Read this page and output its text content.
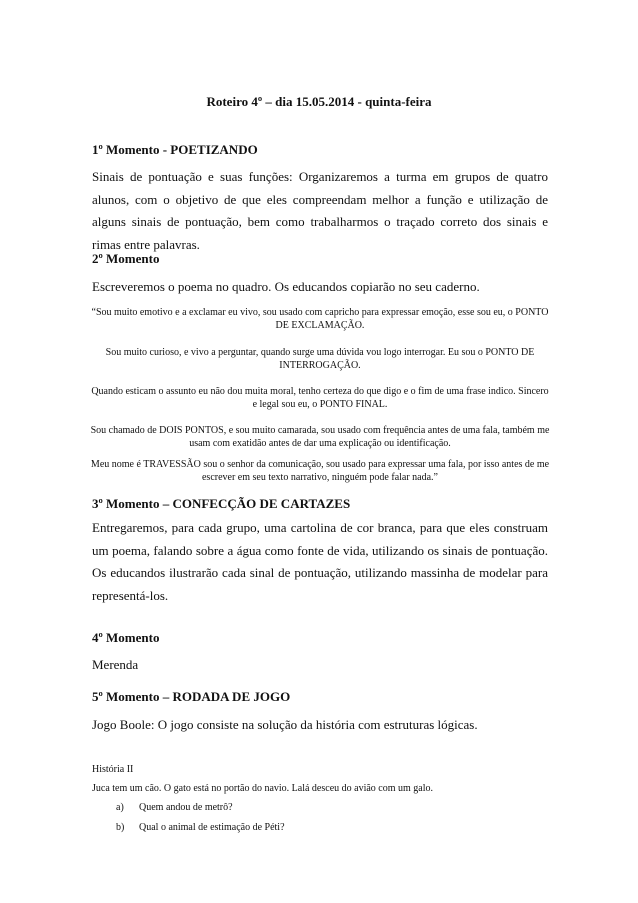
Roteiro 4º – dia 15.05.2014 - quinta-feira
1º Momento - POETIZANDO

Sinais de pontuação e suas funções: Organizaremos a turma em grupos de quatro alunos, com o objetivo de que eles compreendam melhor a função e utilização de alguns sinais de pontuação, bem como trabalharmos o traçado correto dos sinais e rimas entre palavras.

2º Momento

Escreveremos o poema no quadro. Os educandos copiarão no seu caderno.

“Sou muito emotivo e a exclamar eu vivo, sou usado com capricho para expressar emoção, esse sou eu, o PONTO DE EXCLAMAÇÃO.

Sou muito curioso, e vivo a perguntar, quando surge uma dúvida vou logo interrogar. Eu sou o PONTO DE INTERROGAÇÃO.

Quando esticam o assunto eu não dou muita moral, tenho certeza do que digo e o fim de uma frase indico. Sincero e legal sou eu, o PONTO FINAL.

Sou chamado de DOIS PONTOS, e sou muito camarada, sou usado com frequência antes de uma fala, também me usam com exatidão antes de dar uma explicação ou identificação.

Meu nome é TRAVESSÃO sou o senhor da comunicação, sou usado para expressar uma fala, por isso antes de me escrever em seu texto narrativo, ninguém pode falar nada.”

3º Momento – CONFECÇÃO DE CARTAZES

Entregaremos, para cada grupo, uma cartolina de cor branca, para que eles construam um poema, falando sobre a água como fonte de vida, utilizando os sinais de pontuação. Os educandos ilustrarão cada sinal de pontuação, utilizando massinha de modelar para representá-los.

4º Momento

Merenda

5º Momento – RODADA DE JOGO

Jogo Boole: O jogo consiste na solução da história com estruturas lógicas.

História II
Juca tem um cão. O gato está no portão do navio. Lalá desceu do avião com um galo.
a) Quem andou de metrô?
b) Qual o animal de estimação de Péti?
